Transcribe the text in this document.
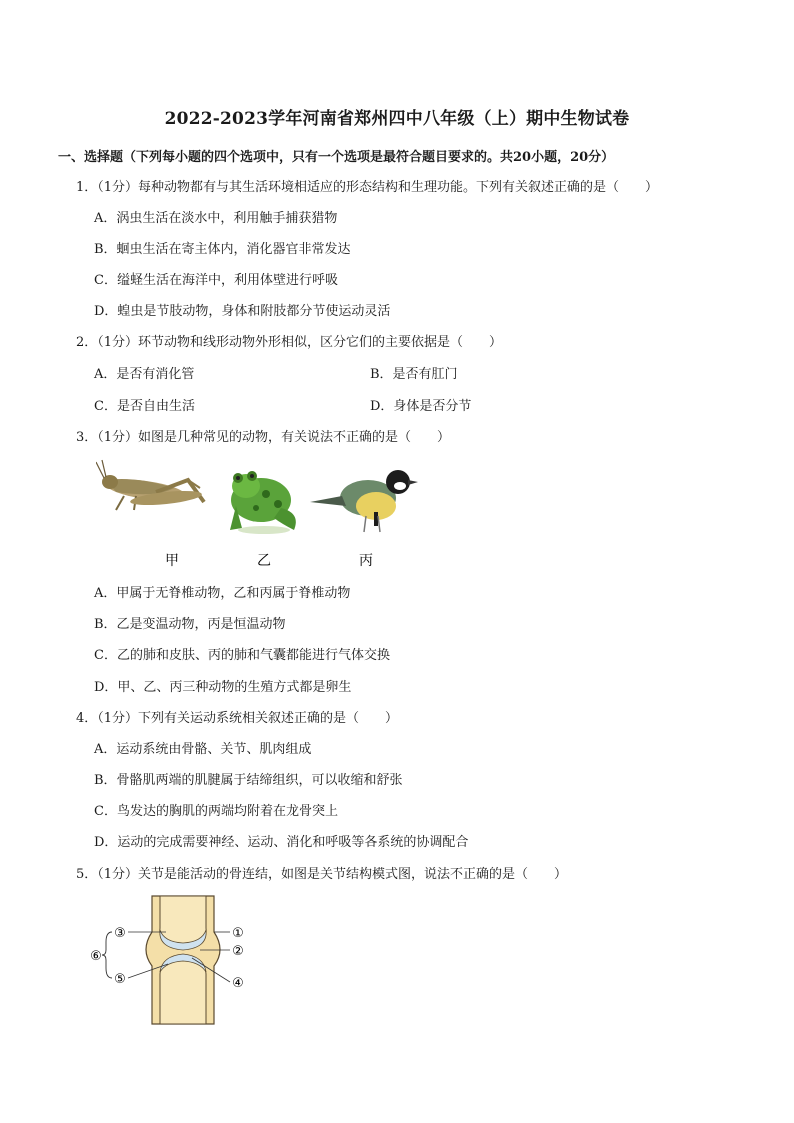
2022-2023学年河南省郑州四中八年级（上）期中生物试卷
一、选择题（下列每小题的四个选项中，只有一个选项是最符合题目要求的。共20小题，20分）
1．（1分）每种动物都有与其生活环境相适应的形态结构和生理功能。下列有关叙述正确的是（　　）
A．涡虫生活在淡水中，利用触手捕获猎物
B．蛔虫生活在寄主体内，消化器官非常发达
C．缢蛏生活在海洋中，利用体壁进行呼吸
D．蝗虫是节肢动物，身体和附肢都分节使运动灵活
2．（1分）环节动物和线形动物外形相似，区分它们的主要依据是（　　）
A．是否有消化管	B．是否有肛门
C．是否自由生活	D．身体是否分节
3．（1分）如图是几种常见的动物，有关说法不正确的是（　　）
甲	乙	丙
A．甲属于无脊椎动物，乙和丙属于脊椎动物
B．乙是变温动物，丙是恒温动物
C．乙的肺和皮肤、丙的肺和气囊都能进行气体交换
D．甲、乙、丙三种动物的生殖方式都是卵生
4．（1分）下列有关运动系统相关叙述正确的是（　　）
A．运动系统由骨骼、关节、肌肉组成
B．骨骼肌两端的肌腱属于结缔组织，可以收缩和舒张
C．鸟发达的胸肌的两端均附着在龙骨突上
D．运动的完成需要神经、运动、消化和呼吸等各系统的协调配合
5．（1分）关节是能活动的骨连结，如图是关节结构模式图，说法不正确的是（　　）
③
⑤
⑥
①
②
④
